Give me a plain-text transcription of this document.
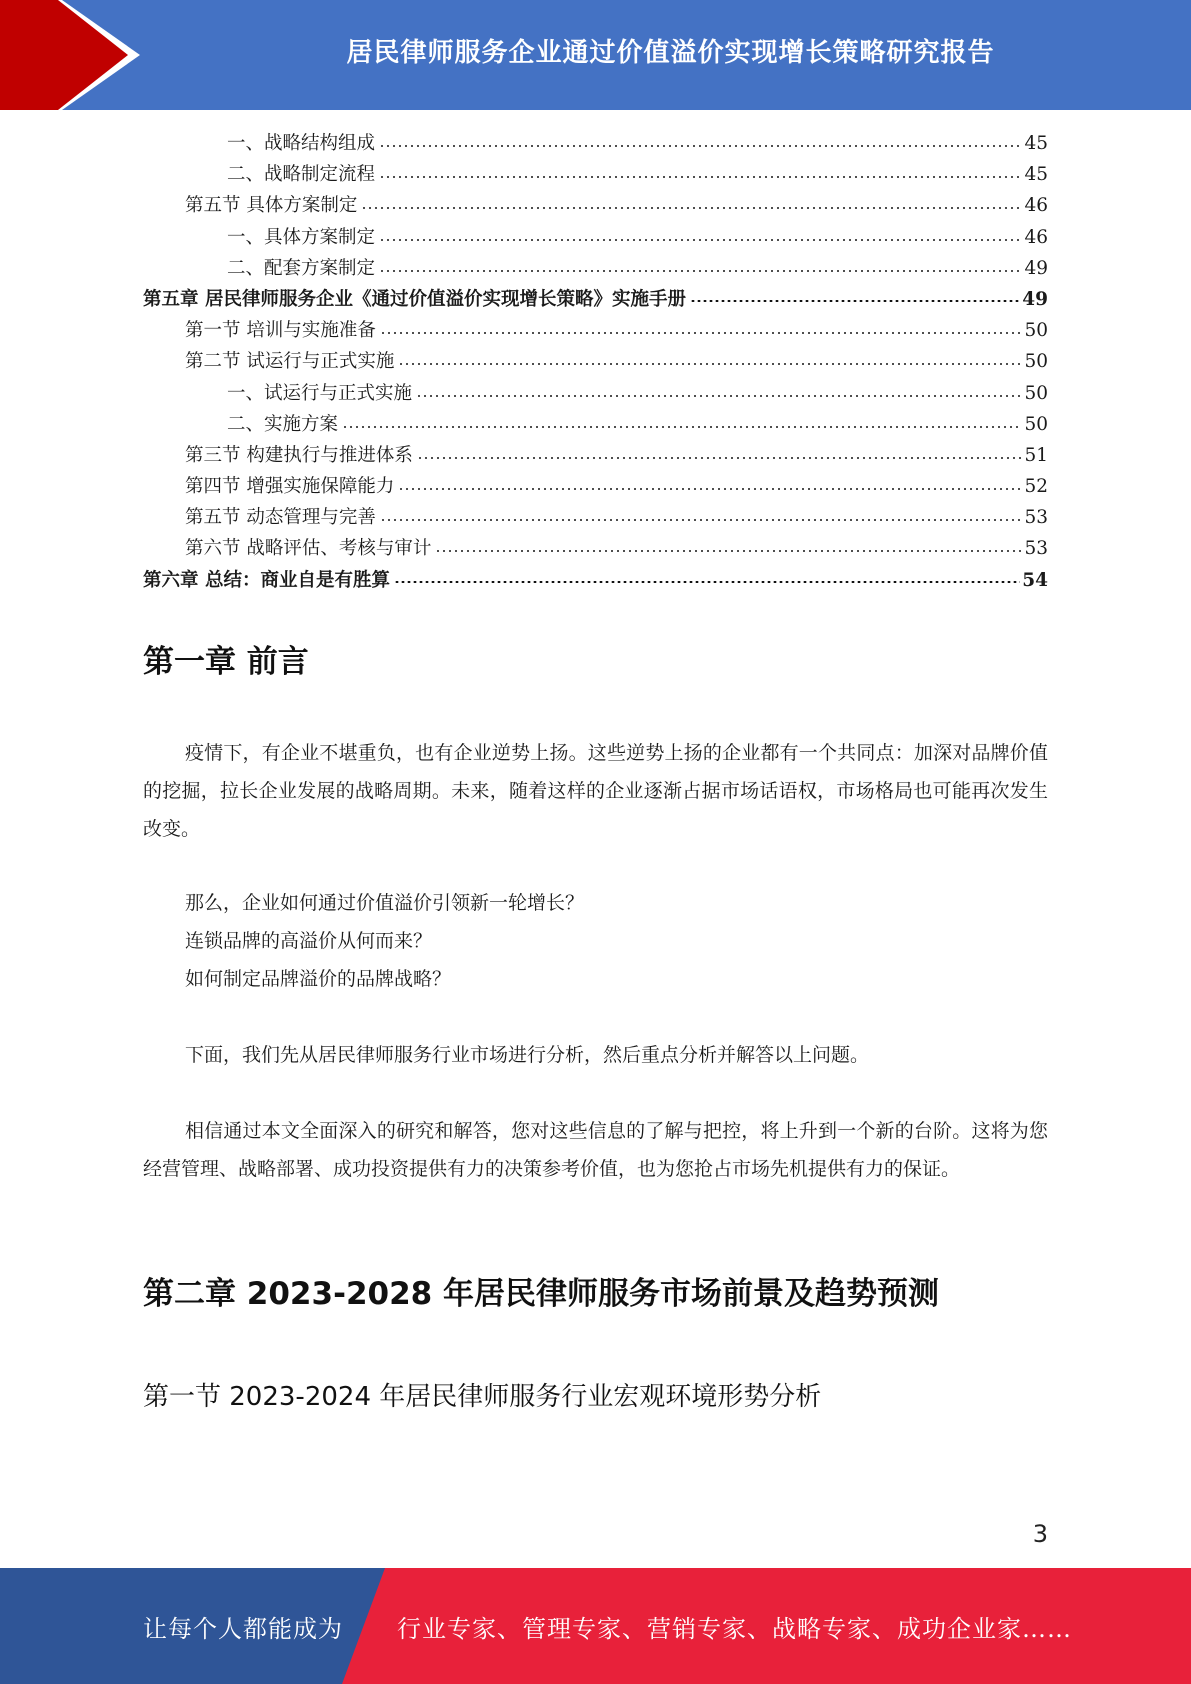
居民律师服务企业通过价值溢价实现增长策略研究报告
一、战略结构组成	45
二、战略制定流程	45
第五节 具体方案制定	46
一、具体方案制定	46
二、配套方案制定	49
第五章 居民律师服务企业《通过价值溢价实现增长策略》实施手册	49
第一节 培训与实施准备	50
第二节 试运行与正式实施	50
一、试运行与正式实施	50
二、实施方案	50
第三节 构建执行与推进体系	51
第四节 增强实施保障能力	52
第五节 动态管理与完善	53
第六节 战略评估、考核与审计	53
第六章 总结：商业自是有胜算	54
第一章 前言

疫情下，有企业不堪重负，也有企业逆势上扬。这些逆势上扬的企业都有一个共同点：加深对品牌价值的挖掘，拉长企业发展的战略周期。未来，随着这样的企业逐渐占据市场话语权，市场格局也可能再次发生改变。

那么，企业如何通过价值溢价引领新一轮增长？
连锁品牌的高溢价从何而来？
如何制定品牌溢价的品牌战略？

下面，我们先从居民律师服务行业市场进行分析，然后重点分析并解答以上问题。

相信通过本文全面深入的研究和解答，您对这些信息的了解与把控，将上升到一个新的台阶。这将为您经营管理、战略部署、成功投资提供有力的决策参考价值，也为您抢占市场先机提供有力的保证。

第二章 2023-2028 年居民律师服务市场前景及趋势预测
第一节 2023-2024 年居民律师服务行业宏观环境形势分析
3
让每个人都能成为 行业专家、管理专家、营销专家、战略专家、成功企业家……
